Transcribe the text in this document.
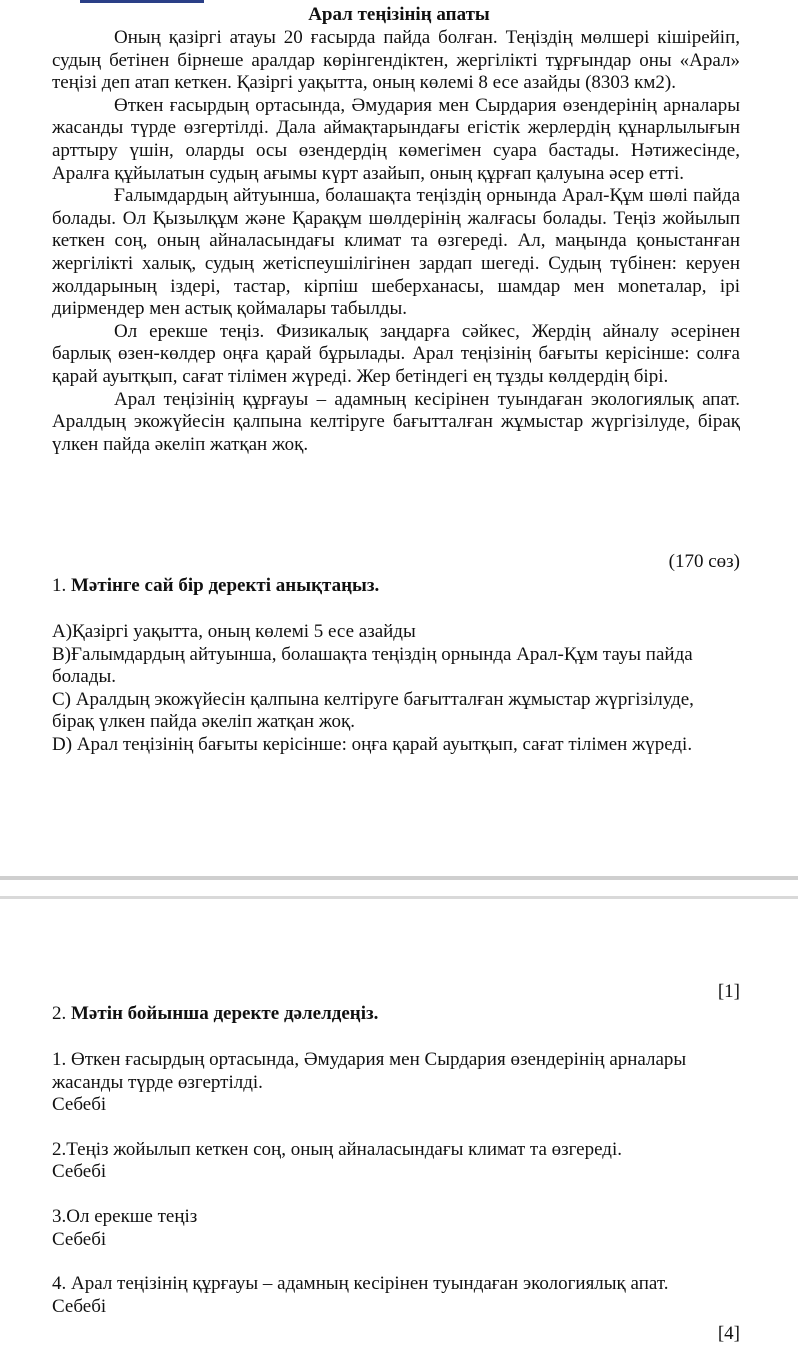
Арал теңізінің апаты

Оның қазіргі атауы 20 ғасырда пайда болған. Теңіздің мөлшері кішірейіп, судың бетінен бірнеше аралдар көрінгендіктен, жергілікті тұрғындар оны «Арал» теңізі деп атап кеткен. Қазіргі уақытта, оның көлемі 8 есе азайды (8303 км2).

Өткен ғасырдың ортасында, Әмудария мен Сырдария өзендерінің арналары жасанды түрде өзгертілді. Дала аймақтарындағы егістік жерлердің құнарлылығын арттыру үшін, оларды осы өзендердің көмегімен суара бастады. Нәтижесінде, Аралға құйылатын судың ағымы күрт азайып, оның құрғап қалуына әсер етті.

Ғалымдардың айтуынша, болашақта теңіздің орнында Арал-Құм шөлі пайда болады. Ол Қызылқұм және Қарақұм шөлдерінің жалғасы болады. Теңіз жойылып кеткен соң, оның айналасындағы климат та өзгереді. Ал, маңында қоныстанған жергілікті халық, судың жетіспеушілігінен зардап шегеді. Судың түбінен: керуен жолдарының іздері, тастар, кірпіш шеберханасы, шамдар мен моneталар, ірі диірмендер мен астық қоймалары табылды.

Ол ерекше теңіз. Физикалық заңдарға сәйкес, Жердің айналу әсерінен барлық өзен-көлдер оңға қарай бұрылады. Арал теңізінің бағыты керісінше: солға қарай ауытқып, сағат тілімен жүреді. Жер бетіндегі ең тұзды көлдердің бірі.

Арал теңізінің құрғауы – адамның кесірінен туындаған экологиялық апат. Аралдың экожүйесін қалпына келтіруге бағытталған жұмыстар жүргізілуде, бірақ үлкен пайда әкеліп жатқан жоқ.

(170 сөз)
1. Мәтінге сай бір деректі анықтаңыз.
А)Қазіргі уақытта, оның көлемі 5 есе азайды
В)Ғалымдардың айтуынша, болашақта теңіздің орнында Арал-Құм тауы пайда болады.
С) Аралдың экожүйесін қалпына келтіруге бағытталған жұмыстар жүргізілуде, бірақ үлкен пайда әкеліп жатқан жоқ.
D) Арал теңізінің бағыты керісінше: оңға қарай ауытқып, сағат тілімен жүреді.
[1]
2. Мәтін бойынша деректе дәлелдеңіз.
1. Өткен ғасырдың ортасында, Әмудария мен Сырдария өзендерінің арналары жасанды түрде өзгертілді.
Себебі
2.Теңіз жойылып кеткен соң, оның айналасындағы климат та өзгереді.
Себебі
3.Ол ерекше теңіз
Себебі
4. Арал теңізінің құрғауы – адамның кесірінен туындаған экологиялық апат.
Себебі
[4]
